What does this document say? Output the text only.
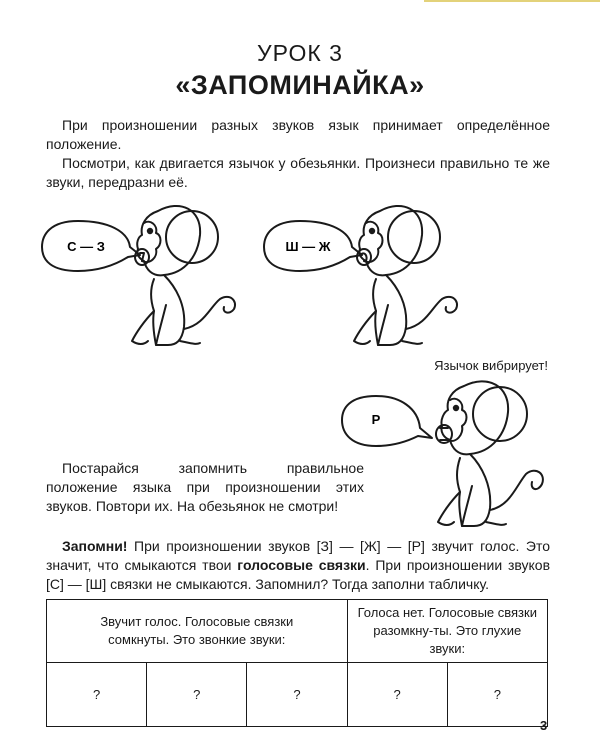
УРОК 3
«ЗАПОМИНАЙКА»

При произношении разных звуков язык принимает определённое положение.

Посмотри, как двигается язычок у обезьянки. Произнеси правильно те же звуки, передразни её.

С — З	Ш — Ж
Язычок вибрирует!
Р

Постарайся запомнить правильное положение языка при произношении этих звуков. Повтори их. На обезьянок не смотри!

Запомни! При произношении звуков [З] — [Ж] — [Р] звучит голос. Это значит, что смыкаются твои голосовые связки. При произношении звуков [С] — [Ш] связки не смыкаются. Запомнил? Тогда заполни табличку.

Звучит голос. Голосовые связки сомкнуты. Это звонкие звуки:			Голоса нет. Голосовые связки разомкну-ты. Это глухие звуки:	
?	?	?	?	?
3
